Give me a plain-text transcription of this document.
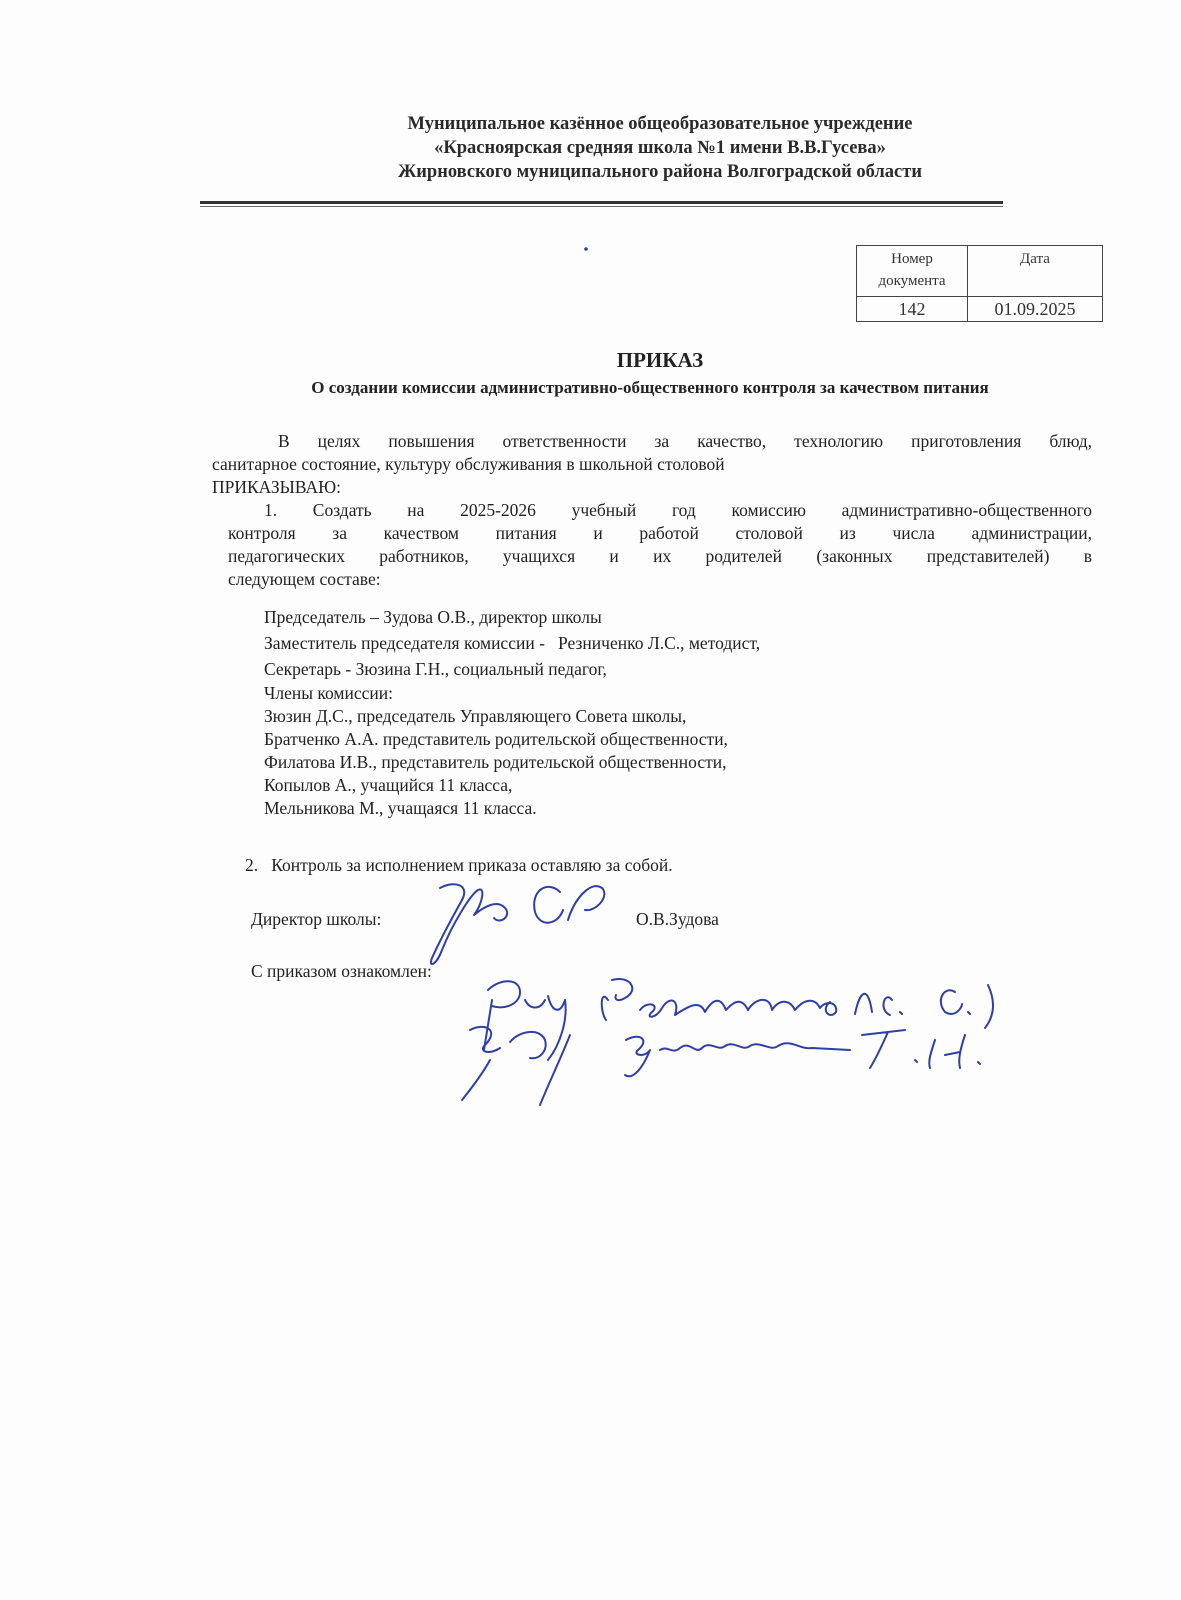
Муниципальное казённое общеобразовательное учреждение
«Красноярская средняя школа №1 имени В.В.Гусева»
Жирновского муниципального района Волгоградской области
Номер
документа	Дата
142	01.09.2025
ПРИКАЗ
О создании комиссии административно-общественного контроля за качеством питания
В целях повышения ответственности за качество, технологию приготовления блюд,
санитарное состояние, культуру обслуживания в школьной столовой
ПРИКАЗЫВАЮ:
1. Создать на 2025-2026 учебный год комиссию административно-общественного
контроля за качеством питания и работой столовой из числа администрации,
педагогических работников, учащихся и их родителей (законных представителей) в
следующем составе:
Председатель – Зудова О.В., директор школы
Заместитель председателя комиссии -   Резниченко Л.С., методист,
Секретарь - Зюзина Г.Н., социальный педагог,
Члены комиссии:
Зюзин Д.С., председатель Управляющего Совета школы,
Братченко А.А. представитель родительской общественности,
Филатова И.В., представитель родительской общественности,
Копылов А., учащийся 11 класса,
Мельникова М., учащаяся 11 класса.
2.   Контроль за исполнением приказа оставляю за собой.
Директор школы:	О.В.Зудова
С приказом ознакомлен:
